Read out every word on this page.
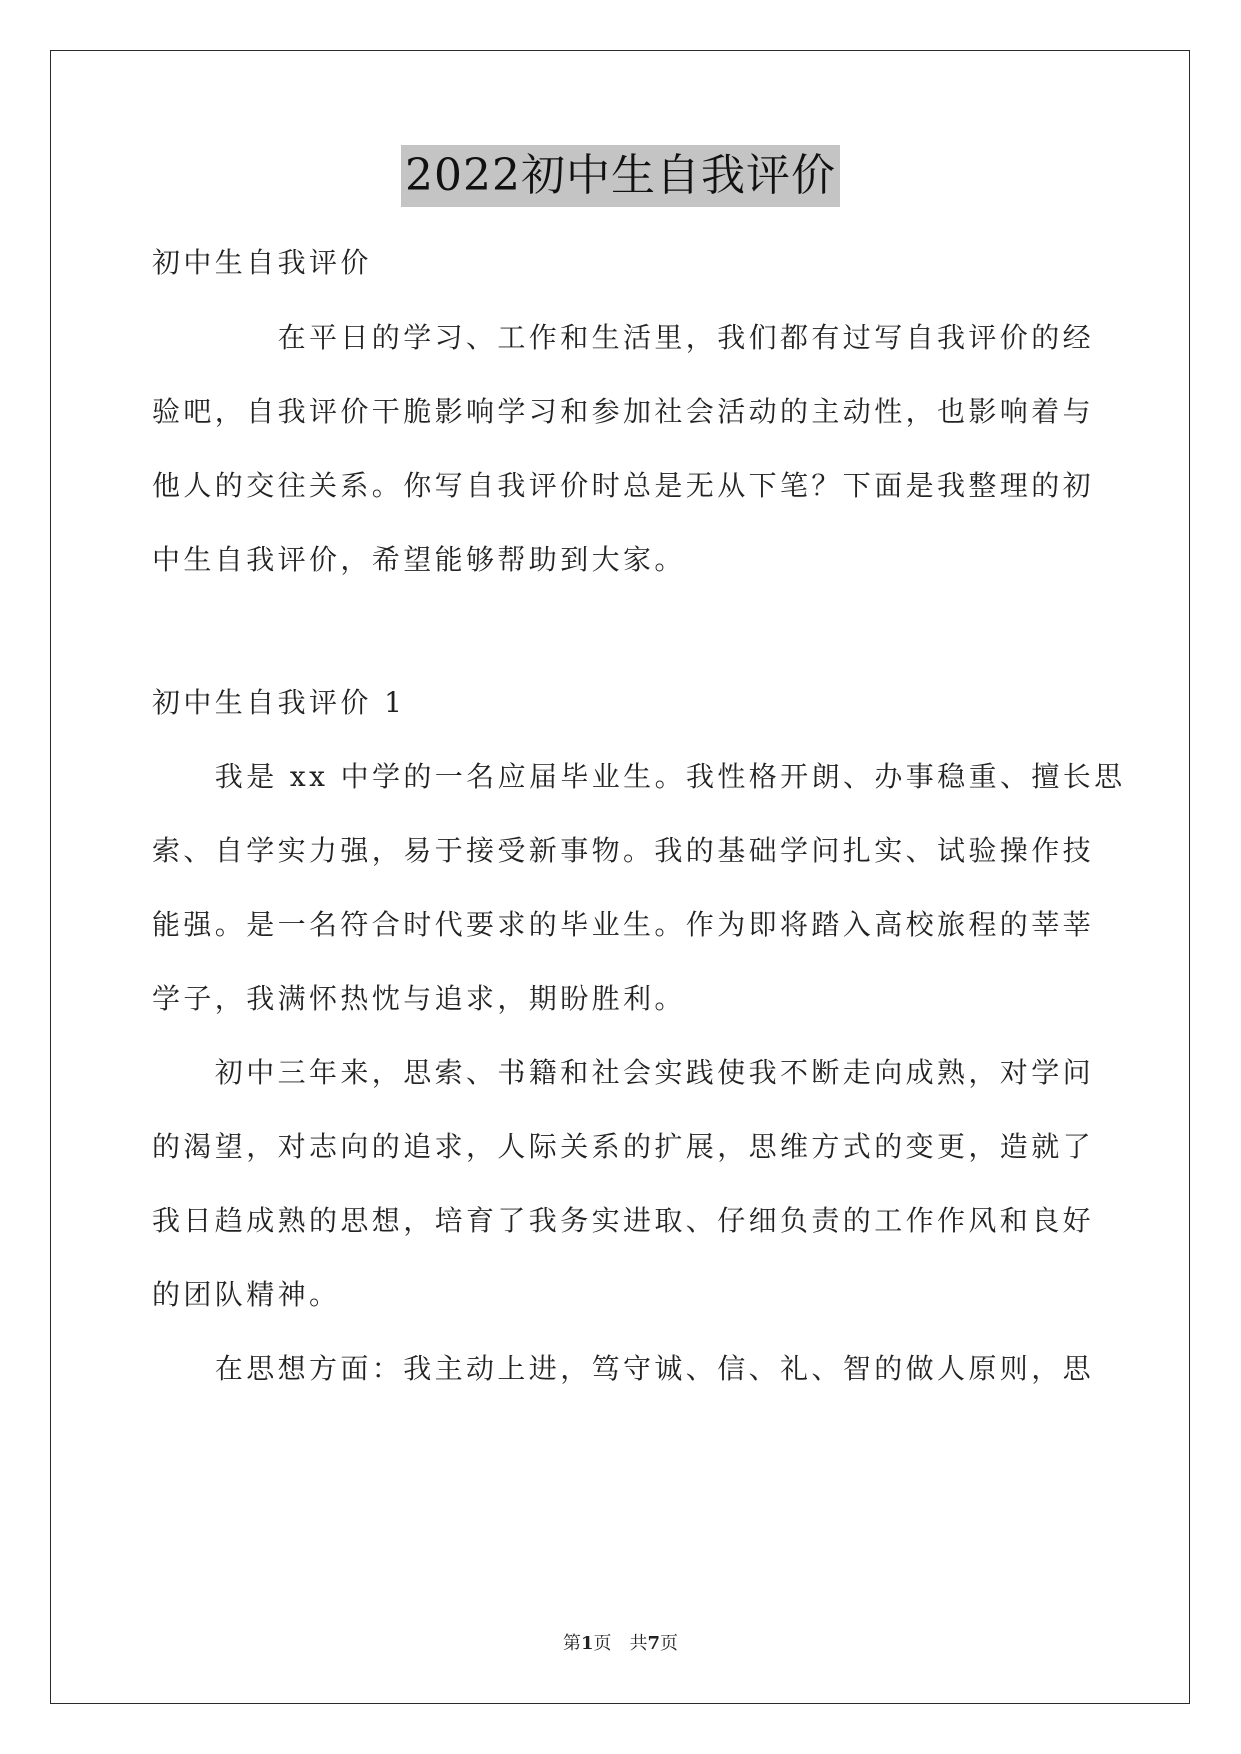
2022初中生自我评价
初中生自我评价
　　　　在平日的学习、工作和生活里，我们都有过写自我评价的经
验吧，自我评价干脆影响学习和参加社会活动的主动性，也影响着与
他人的交往关系。你写自我评价时总是无从下笔？下面是我整理的初
中生自我评价，希望能够帮助到大家。
初中生自我评价 1
　　我是 xx 中学的一名应届毕业生。我性格开朗、办事稳重、擅长思
索、自学实力强，易于接受新事物。我的基础学问扎实、试验操作技
能强。是一名符合时代要求的毕业生。作为即将踏入高校旅程的莘莘
学子，我满怀热忱与追求，期盼胜利。
　　初中三年来，思索、书籍和社会实践使我不断走向成熟，对学问
的渴望，对志向的追求，人际关系的扩展，思维方式的变更，造就了
我日趋成熟的思想，培育了我务实进取、仔细负责的工作作风和良好
的团队精神。
　　在思想方面：我主动上进，笃守诚、信、礼、智的做人原则，思
第1页　共7页
